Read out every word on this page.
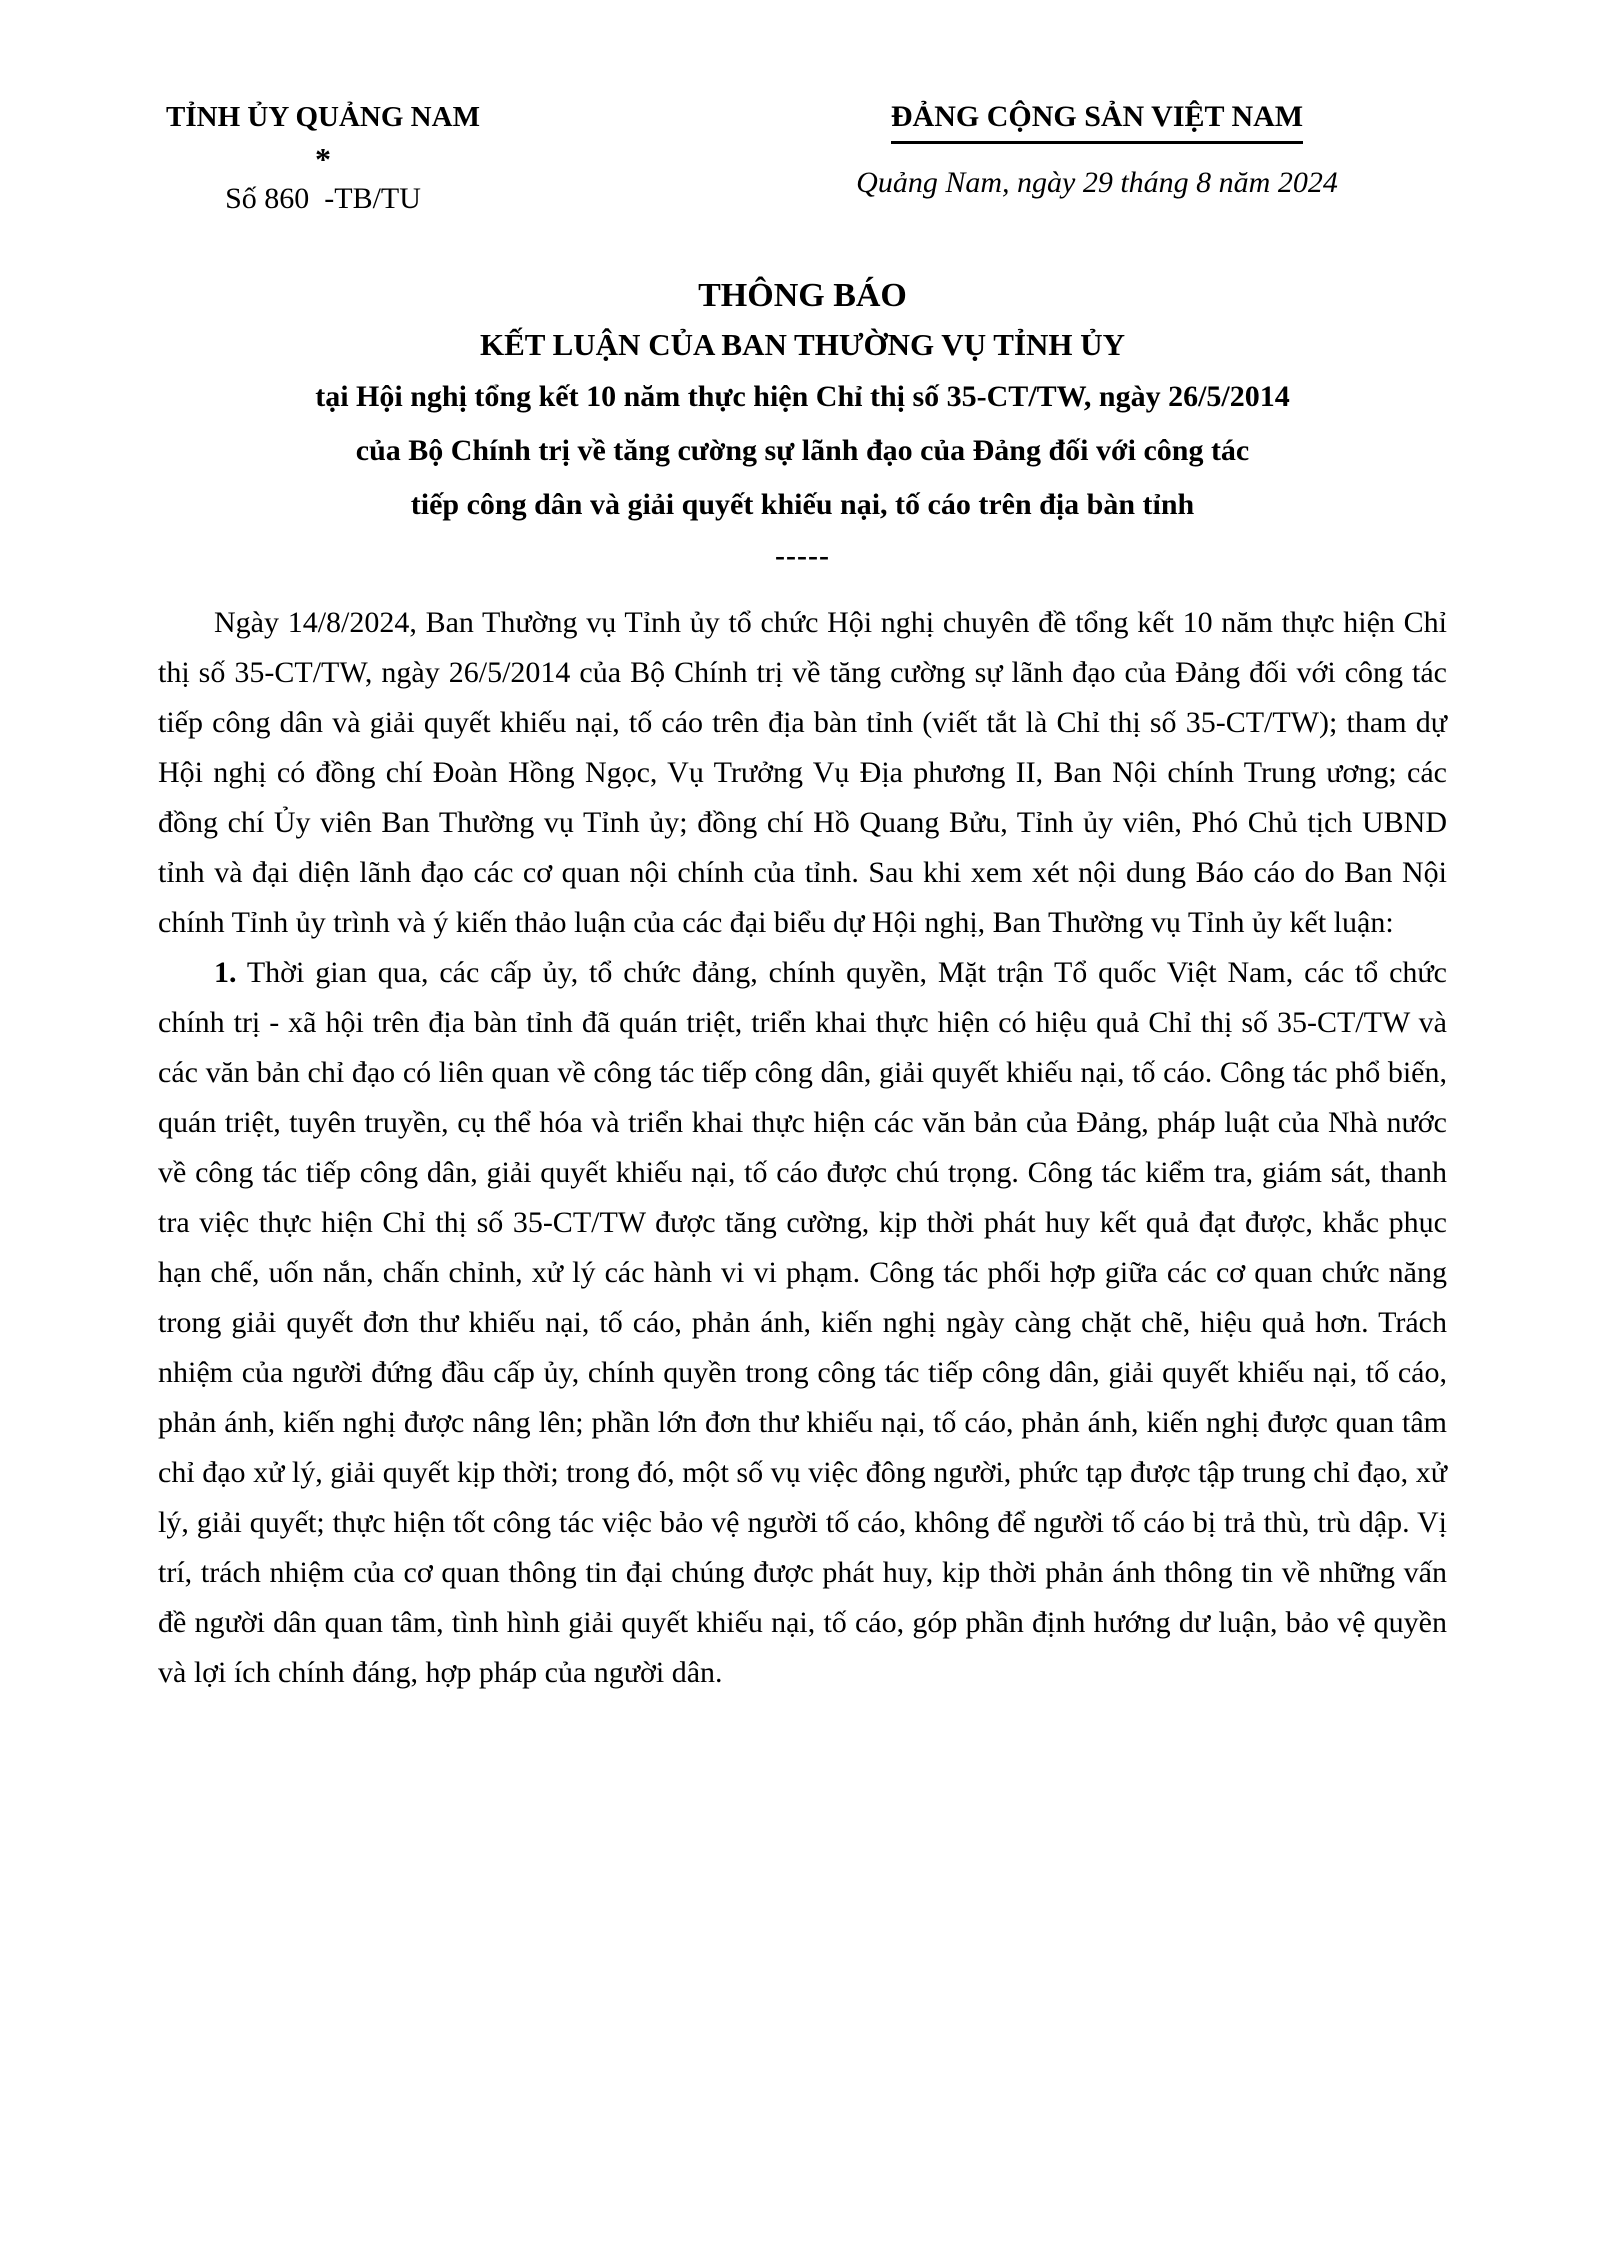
TỈNH ỦY QUẢNG NAM
*
Số 860  -TB/TU
ĐẢNG CỘNG SẢN VIỆT NAM
Quảng Nam, ngày 29 tháng 8 năm 2024
THÔNG BÁO
KẾT LUẬN CỦA BAN THƯỜNG VỤ TỈNH ỦY
tại Hội nghị tổng kết 10 năm thực hiện Chỉ thị số 35-CT/TW, ngày 26/5/2014
của Bộ Chính trị về tăng cường sự lãnh đạo của Đảng đối với công tác
tiếp công dân và giải quyết khiếu nại, tố cáo trên địa bàn tỉnh
-----

Ngày 14/8/2024, Ban Thường vụ Tỉnh ủy tổ chức Hội nghị chuyên đề tổng kết 10 năm thực hiện Chỉ thị số 35-CT/TW, ngày 26/5/2014 của Bộ Chính trị về tăng cường sự lãnh đạo của Đảng đối với công tác tiếp công dân và giải quyết khiếu nại, tố cáo trên địa bàn tỉnh (viết tắt là Chỉ thị số 35-CT/TW); tham dự Hội nghị có đồng chí Đoàn Hồng Ngọc, Vụ Trưởng Vụ Địa phương II, Ban Nội chính Trung ương; các đồng chí Ủy viên Ban Thường vụ Tỉnh ủy; đồng chí Hồ Quang Bửu, Tỉnh ủy viên, Phó Chủ tịch UBND tỉnh và đại diện lãnh đạo các cơ quan nội chính của tỉnh. Sau khi xem xét nội dung Báo cáo do Ban Nội chính Tỉnh ủy trình và ý kiến thảo luận của các đại biểu dự Hội nghị, Ban Thường vụ Tỉnh ủy kết luận:

1. Thời gian qua, các cấp ủy, tổ chức đảng, chính quyền, Mặt trận Tổ quốc Việt Nam, các tổ chức chính trị - xã hội trên địa bàn tỉnh đã quán triệt, triển khai thực hiện có hiệu quả Chỉ thị số 35-CT/TW và các văn bản chỉ đạo có liên quan về công tác tiếp công dân, giải quyết khiếu nại, tố cáo. Công tác phổ biến, quán triệt, tuyên truyền, cụ thể hóa và triển khai thực hiện các văn bản của Đảng, pháp luật của Nhà nước về công tác tiếp công dân, giải quyết khiếu nại, tố cáo được chú trọng. Công tác kiểm tra, giám sát, thanh tra việc thực hiện Chỉ thị số 35-CT/TW được tăng cường, kịp thời phát huy kết quả đạt được, khắc phục hạn chế, uốn nắn, chấn chỉnh, xử lý các hành vi vi phạm. Công tác phối hợp giữa các cơ quan chức năng trong giải quyết đơn thư khiếu nại, tố cáo, phản ánh, kiến nghị ngày càng chặt chẽ, hiệu quả hơn. Trách nhiệm của người đứng đầu cấp ủy, chính quyền trong công tác tiếp công dân, giải quyết khiếu nại, tố cáo, phản ánh, kiến nghị được nâng lên; phần lớn đơn thư khiếu nại, tố cáo, phản ánh, kiến nghị được quan tâm chỉ đạo xử lý, giải quyết kịp thời; trong đó, một số vụ việc đông người, phức tạp được tập trung chỉ đạo, xử lý, giải quyết; thực hiện tốt công tác việc bảo vệ người tố cáo, không để người tố cáo bị trả thù, trù dập. Vị trí, trách nhiệm của cơ quan thông tin đại chúng được phát huy, kịp thời phản ánh thông tin về những vấn đề người dân quan tâm, tình hình giải quyết khiếu nại, tố cáo, góp phần định hướng dư luận, bảo vệ quyền và lợi ích chính đáng, hợp pháp của người dân.
